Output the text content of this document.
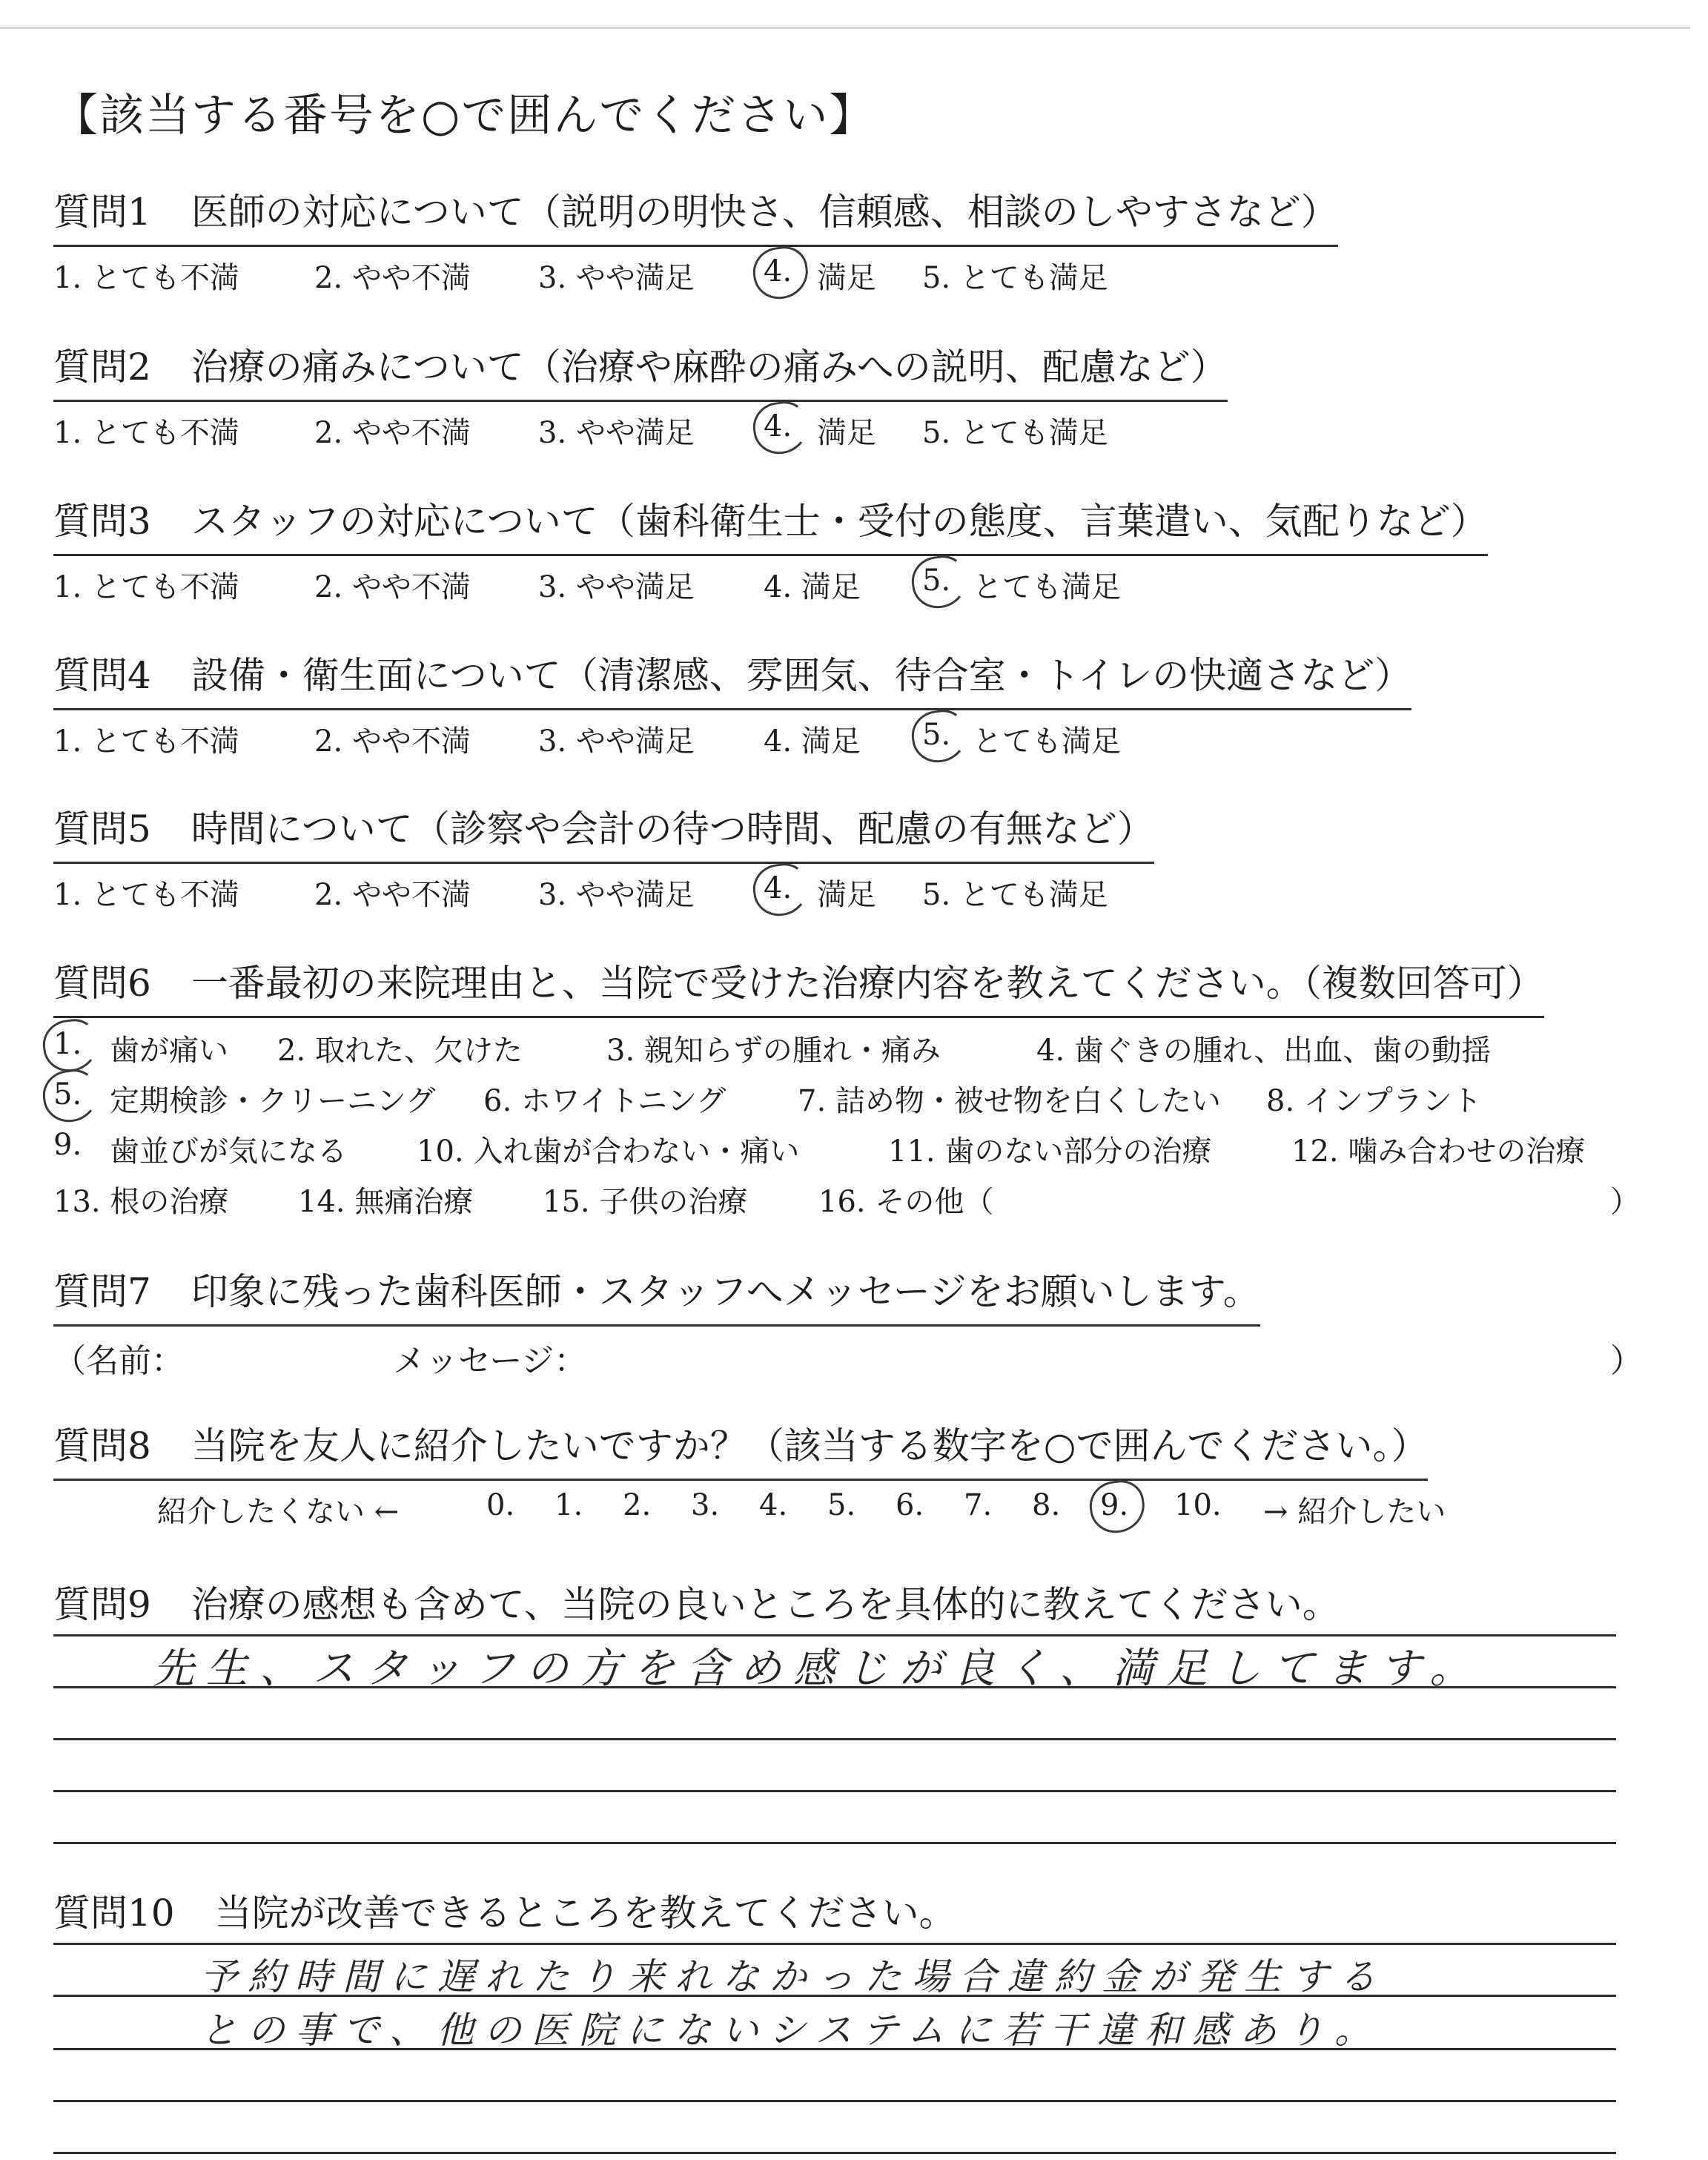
【該当する番号を○で囲んでください】
質問1 医師の対応について（説明の明快さ、信頼感、相談のしやすさなど）
1. とても不満	2. やや不満 3. やや満足 4. 満足 5. とても満足
質問2 治療の痛みについて（治療や麻酔の痛みへの説明、配慮など）
1. とても不満	2. やや不満 3. やや満足 4. 満足 5. とても満足
質問3 スタッフの対応について（歯科衛生士・受付の態度、言葉遣い、気配りなど）
1. とても不満	2. やや不満 3. やや満足 4. 満足 5. とても満足
質問4 設備・衛生面について（清潔感、雰囲気、待合室・トイレの快適さなど）
1. とても不満	2. やや不満 3. やや満足 4. 満足 5. とても満足
質問5 時間について（診察や会計の待つ時間、配慮の有無など）
1. とても不満	2. やや不満 3. やや満足 4. 満足 5. とても満足
質問6 一番最初の来院理由と、当院で受けた治療内容を教えてください。（複数回答可）
1. 歯が痛い 2. 取れた、欠けた	3. 親知らずの腫れ・痛み	4. 歯ぐきの腫れ、出血、歯の動揺
5. 定期検診・クリーニング 6. ホワイトニング 7. 詰め物・被せ物を白くしたい 8. インプラント
9. 歯並びが気になる 10. 入れ歯が合わない・痛い	11. 歯のない部分の治療	12. 噛み合わせの治療
13. 根の治療 14. 無痛治療 15. 子供の治療 16. その他（	）
質問7 印象に残った歯科医師・スタッフへメッセージをお願いします。
（名前：	メッセージ：	）
質問8 当院を友人に紹介したいですか？（該当する数字を○で囲んでください。）
紹介したくない ←	0. 1. 2. 3. 4. 5. 6. 7. 8. 9. 10. → 紹介したい
質問9 治療の感想も含めて、当院の良いところを具体的に教えてください。
先生、スタッフの方を含め感じが良く、満足してます。
質問10 当院が改善できるところを教えてください。
予約時間に遅れたり来れなかった場合違約金が発生する
との事で、他の医院にないシステムに若干違和感あり。
